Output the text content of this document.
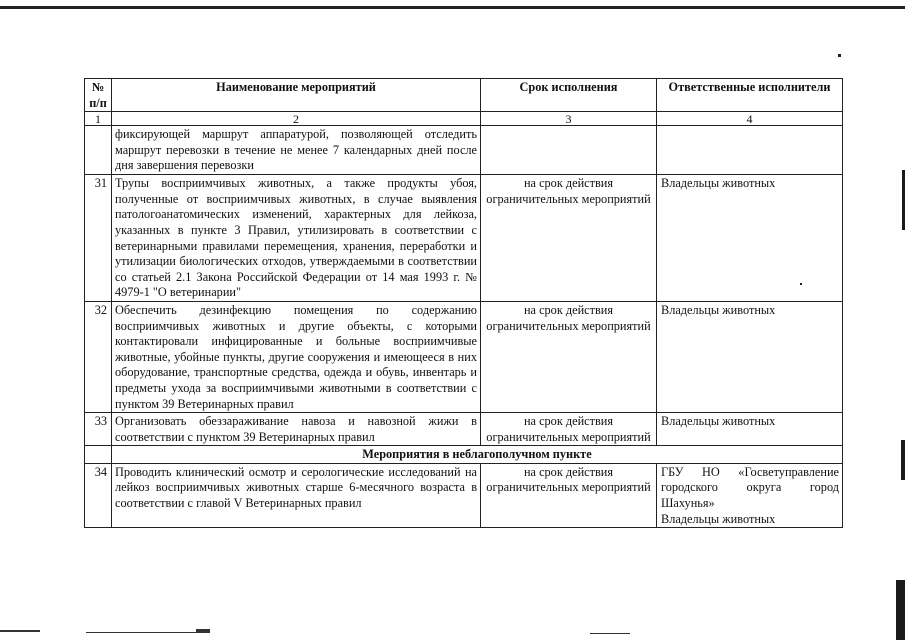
№ п/п	Наименование мероприятий	Срок исполнения	Ответственные исполнители
1	2	3	4
	фиксирующей маршрут аппаратурой, позволяющей отследить маршрут перевозки в течение не менее 7 календарных дней после дня завершения перевозки		
31	Трупы восприимчивых животных, а также продукты убоя, полученные от восприимчивых животных, в случае выявления патологоанатомических изменений, характерных для лейкоза, указанных в пункте 3 Правил, утилизировать в соответствии с ветеринарными правилами перемещения, хранения, переработки и утилизации биологических отходов, утверждаемыми в соответствии со статьей 2.1 Закона Российской Федерации от 14 мая 1993 г. № 4979-1 "О ветеринарии"	на срок действия ограничительных мероприятий	Владельцы животных
32	Обеспечить дезинфекцию помещения по содержанию восприимчивых животных и другие объекты, с которыми контактировали инфицированные и больные восприимчивые животные, убойные пункты, другие сооружения и имеющееся в них оборудование, транспортные средства, одежда и обувь, инвентарь и предметы ухода за восприимчивыми животными в соответствии с пунктом 39 Ветеринарных правил	на срок действия ограничительных мероприятий	Владельцы животных
33	Организовать обеззараживание навоза и навозной жижи в соответствии с пунктом 39 Ветеринарных правил	на срок действия ограничительных мероприятий	Владельцы животных
	Мероприятия в неблагополучном пункте		
34	Проводить клинический осмотр и серологические исследований на лейкоз восприимчивых животных старше 6-месячного возраста в соответствии с главой V Ветеринарных правил	на срок действия ограничительных мероприятий	ГБУ НО «Госветуправление городского округа город Шахунья»
Владельцы животных
